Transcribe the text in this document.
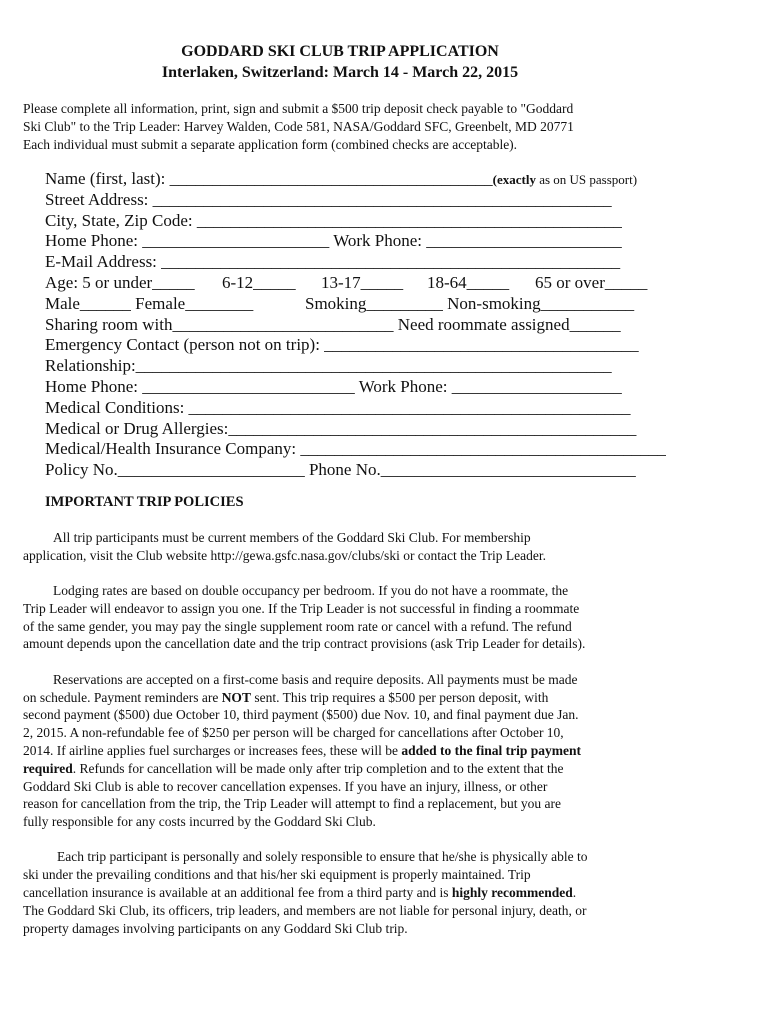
GODDARD SKI CLUB TRIP APPLICATION
Interlaken, Switzerland: March 14 - March 22, 2015

Please complete all information, print, sign and submit a $500 trip deposit check payable to "Goddard

Ski Club" to the Trip Leader: Harvey Walden, Code 581, NASA/Goddard SFC, Greenbelt, MD 20771

Each individual must submit a separate application form (combined checks are acceptable).

Name (first, last): ______________________________________(exactly as on US passport)
Street Address: ______________________________________________________
City, State, Zip Code: __________________________________________________
Home Phone: ______________________ Work Phone: _______________________
E-Mail Address: ______________________________________________________
Age: 5 or under_____ 6-12_____ 13-17_____ 18-64_____ 65 or over_____
Male______ Female________	Smoking_________ Non-smoking___________
Sharing room with__________________________ Need roommate assigned______
Emergency Contact (person not on trip): _____________________________________
Relationship:________________________________________________________
Home Phone: _________________________ Work Phone: ____________________
Medical Conditions: ____________________________________________________
Medical or Drug Allergies:________________________________________________
Medical/Health Insurance Company: ___________________________________________
Policy No.______________________ Phone No.______________________________
IMPORTANT TRIP POLICIES
All trip participants must be current members of the Goddard Ski Club. For membership
application, visit the Club website http://gewa.gsfc.nasa.gov/clubs/ski or contact the Trip Leader.
Lodging rates are based on double occupancy per bedroom. If you do not have a roommate, the
Trip Leader will endeavor to assign you one. If the Trip Leader is not successful in finding a roommate
of the same gender, you may pay the single supplement room rate or cancel with a refund. The refund
amount depends upon the cancellation date and the trip contract provisions (ask Trip Leader for details).
Reservations are accepted on a first-come basis and require deposits. All payments must be made
on schedule. Payment reminders are NOT sent. This trip requires a $500 per person deposit, with
second payment ($500) due October 10, third payment ($500) due Nov. 10, and final payment due Jan.
2, 2015. A non-refundable fee of $250 per person will be charged for cancellations after October 10,
2014. If airline applies fuel surcharges or increases fees, these will be added to the final trip payment
required. Refunds for cancellation will be made only after trip completion and to the extent that the
Goddard Ski Club is able to recover cancellation expenses. If you have an injury, illness, or other
reason for cancellation from the trip, the Trip Leader will attempt to find a replacement, but you are
fully responsible for any costs incurred by the Goddard Ski Club.
Each trip participant is personally and solely responsible to ensure that he/she is physically able to
ski under the prevailing conditions and that his/her ski equipment is properly maintained. Trip
cancellation insurance is available at an additional fee from a third party and is highly recommended.
The Goddard Ski Club, its officers, trip leaders, and members are not liable for personal injury, death, or
property damages involving participants on any Goddard Ski Club trip.
